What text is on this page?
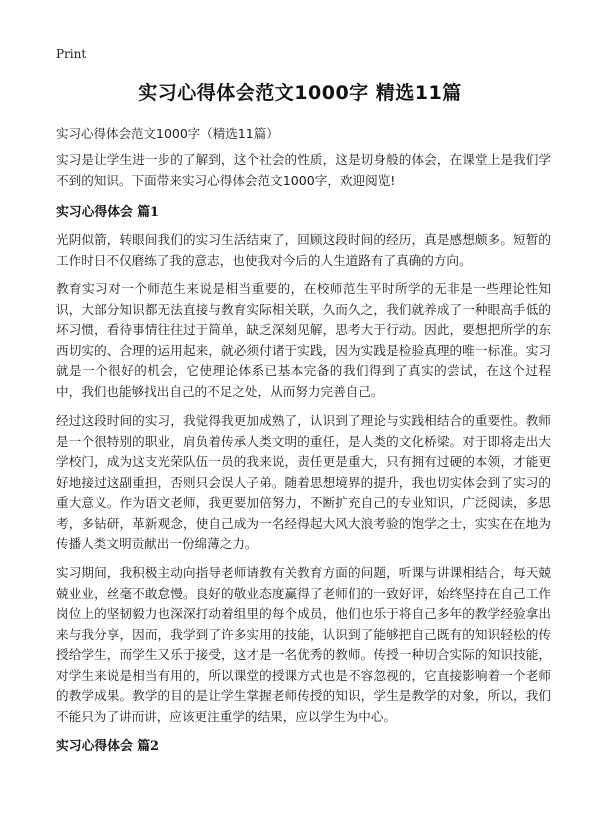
Print
实习心得体会范文1000字 精选11篇

实习心得体会范文1000字（精选11篇）

实习是让学生进一步的了解到，这个社会的性质，这是切身般的体会，在课堂上是我们学不到的知识。下面带来实习心得体会范文1000字，欢迎阅览!

实习心得体会 篇1

光阴似箭，转眼间我们的实习生活结束了，回顾这段时间的经历，真是感想颇多。短暂的工作时日不仅磨练了我的意志，也使我对今后的人生道路有了真确的方向。

教育实习对一个师范生来说是相当重要的，在校师范生平时所学的无非是一些理论性知识，大部分知识都无法直接与教育实际相关联，久而久之，我们就养成了一种眼高手低的坏习惯，看待事情往往过于简单，缺乏深刻见解，思考大于行动。因此，要想把所学的东西切实的、合理的运用起来，就必须付诸于实践，因为实践是检验真理的唯一标准。实习就是一个很好的机会，它使理论体系已基本完备的我们得到了真实的尝试，在这个过程中，我们也能够找出自己的不足之处，从而努力完善自己。

经过这段时间的实习，我觉得我更加成熟了，认识到了理论与实践相结合的重要性。教师是一个很特别的职业，肩负着传承人类文明的重任，是人类的文化桥梁。对于即将走出大学校门，成为这支光荣队伍一员的我来说，责任更是重大，只有拥有过硬的本领，才能更好地接过这副重担，否则只会误人子弟。随着思想境界的提升，我也切实体会到了实习的重大意义。作为语文老师，我更要加倍努力，不断扩充自己的专业知识，广泛阅读，多思考，多钻研，革新观念，使自己成为一名经得起大风大浪考验的饱学之士，实实在在地为传播人类文明贡献出一份绵薄之力。

实习期间，我积极主动向指导老师请教有关教育方面的问题，听课与讲课相结合，每天兢兢业业，丝毫不敢怠慢。良好的敬业态度赢得了老师们的一致好评，始终坚持在自己工作岗位上的坚韧毅力也深深打动着组里的每个成员，他们也乐于将自己多年的教学经验拿出来与我分享，因而，我学到了许多实用的技能，认识到了能够把自己既有的知识轻松的传授给学生，而学生又乐于接受，这才是一名优秀的教师。传授一种切合实际的知识技能，对学生来说是相当有用的，所以课堂的授课方式也是不容忽视的，它直接影响着一个老师的教学成果。教学的目的是让学生掌握老师传授的知识，学生是教学的对象，所以，我们不能只为了讲而讲，应该更注重学的结果，应以学生为中心。

实习心得体会 篇2
